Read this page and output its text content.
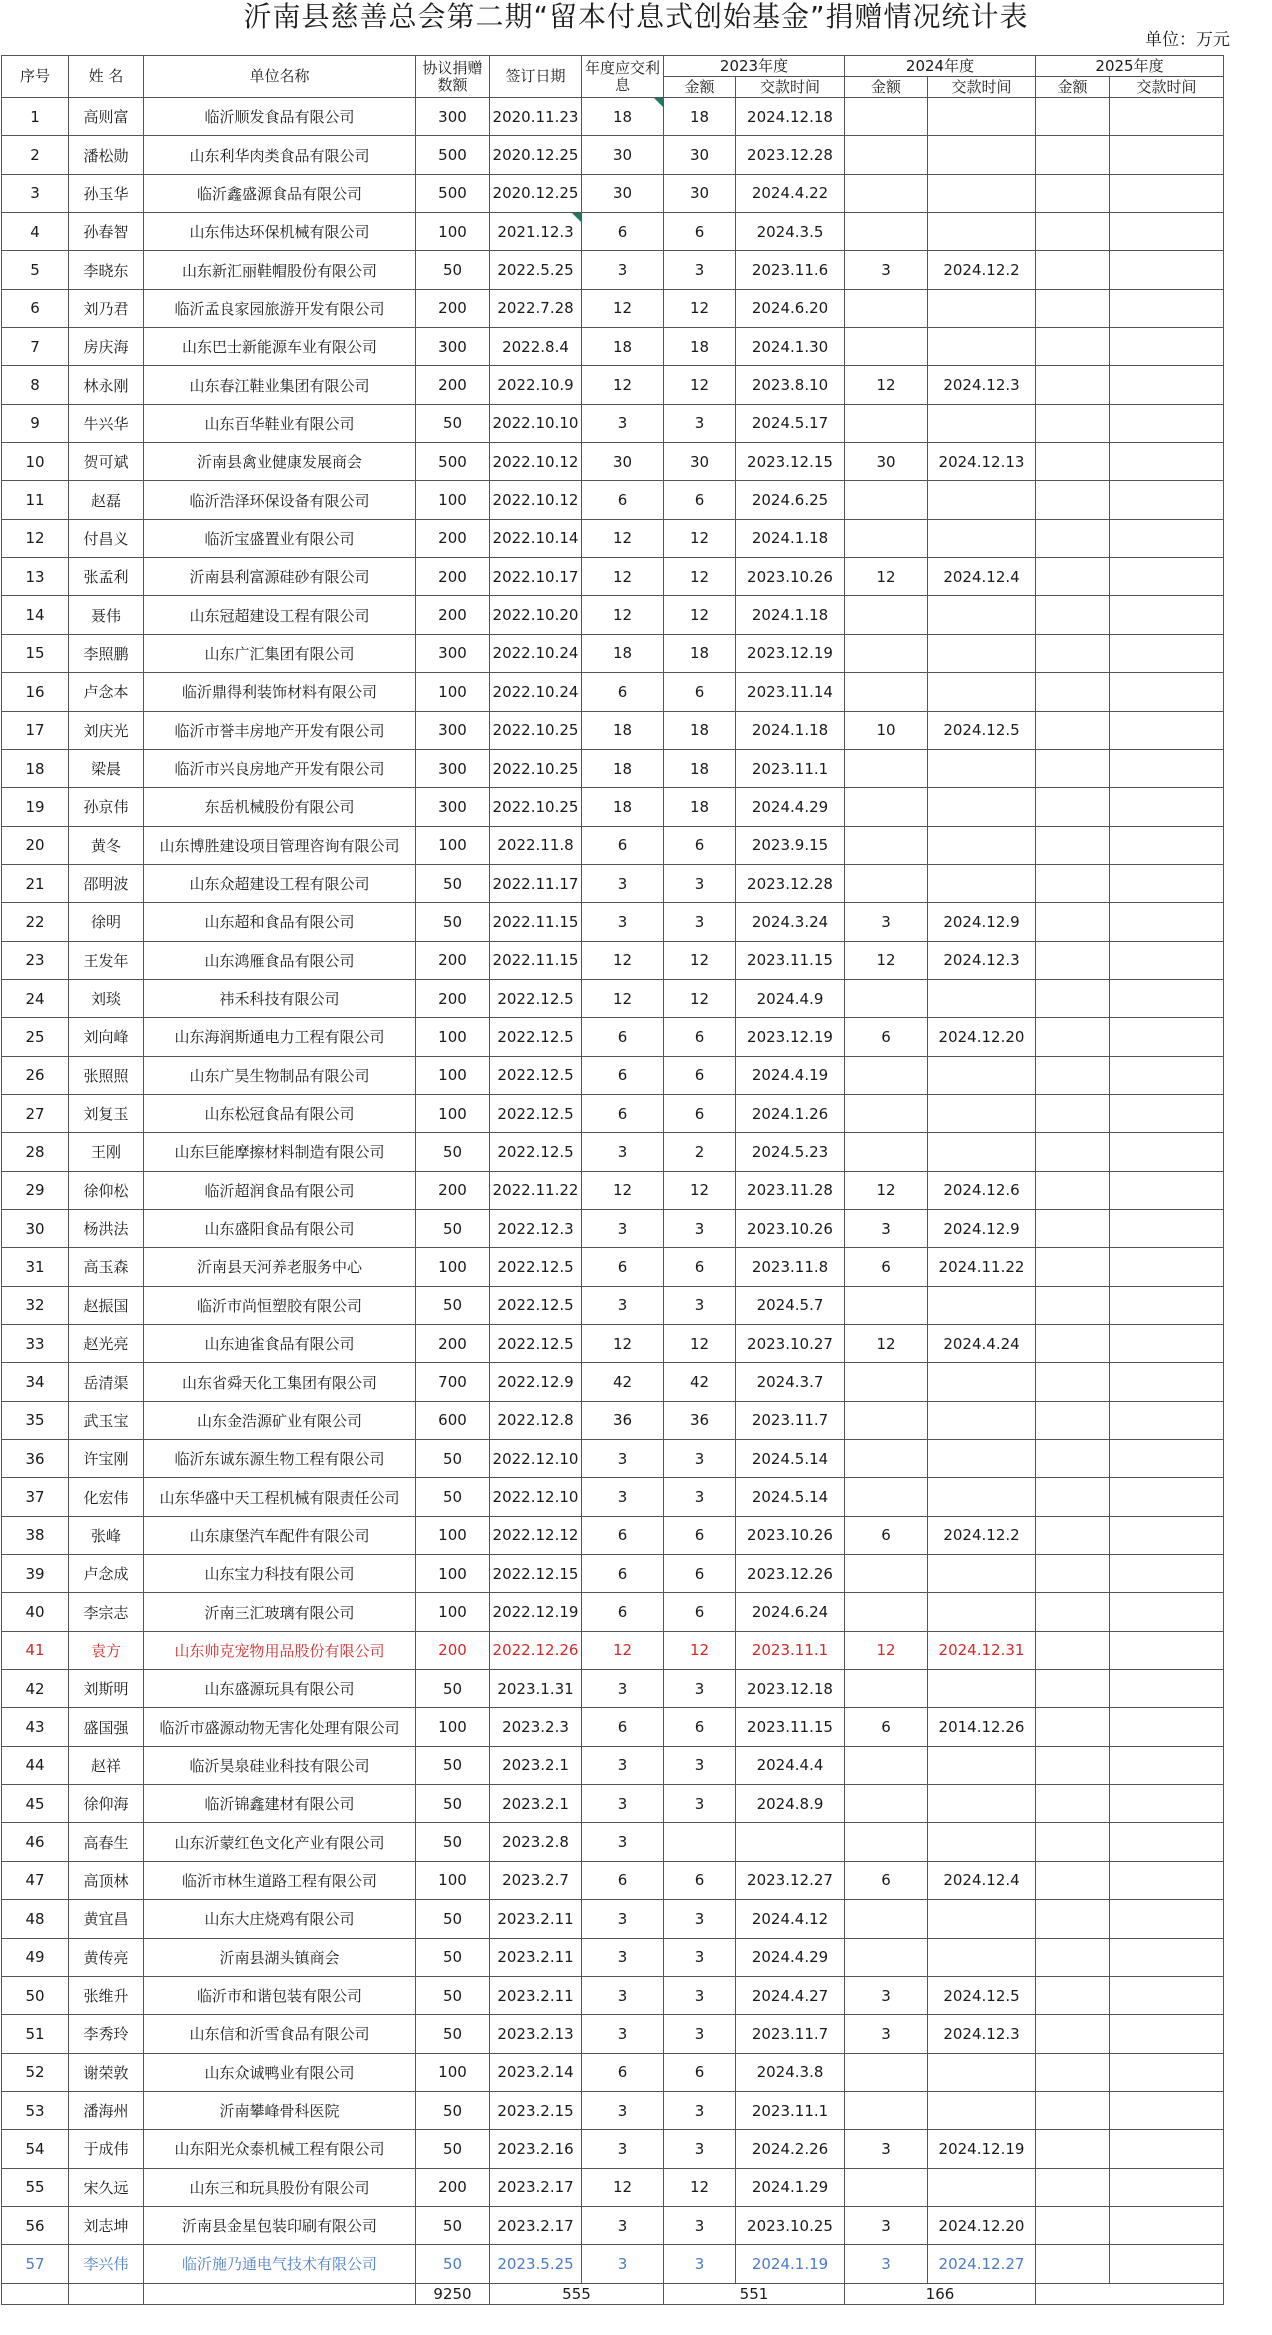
沂南县慈善总会第二期“留本付息式创始基金”捐赠情况统计表
单位：万元
序号	姓 名	单位名称	协议捐赠数额	签订日期	年度应交利息	2023年度		2024年度		2025年度	
						金额	交款时间	金额	交款时间	金额	交款时间
1	高则富	临沂顺发食品有限公司	300	2020.11.23	18	18	2024.12.18				
2	潘松勋	山东利华肉类食品有限公司	500	2020.12.25	30	30	2023.12.28				
3	孙玉华	临沂鑫盛源食品有限公司	500	2020.12.25	30	30	2024.4.22				
4	孙春智	山东伟达环保机械有限公司	100	2021.12.3	6	6	2024.3.5				
5	李晓东	山东新汇丽鞋帽股份有限公司	50	2022.5.25	3	3	2023.11.6	3	2024.12.2		
6	刘乃君	临沂孟良家园旅游开发有限公司	200	2022.7.28	12	12	2024.6.20				
7	房庆海	山东巴士新能源车业有限公司	300	2022.8.4	18	18	2024.1.30				
8	林永刚	山东春江鞋业集团有限公司	200	2022.10.9	12	12	2023.8.10	12	2024.12.3		
9	牛兴华	山东百华鞋业有限公司	50	2022.10.10	3	3	2024.5.17				
10	贺可斌	沂南县禽业健康发展商会	500	2022.10.12	30	30	2023.12.15	30	2024.12.13		
11	赵磊	临沂浩泽环保设备有限公司	100	2022.10.12	6	6	2024.6.25				
12	付昌义	临沂宝盛置业有限公司	200	2022.10.14	12	12	2024.1.18				
13	张孟利	沂南县利富源硅砂有限公司	200	2022.10.17	12	12	2023.10.26	12	2024.12.4		
14	聂伟	山东冠超建设工程有限公司	200	2022.10.20	12	12	2024.1.18				
15	李照鹏	山东广汇集团有限公司	300	2022.10.24	18	18	2023.12.19				
16	卢念本	临沂鼎得利装饰材料有限公司	100	2022.10.24	6	6	2023.11.14				
17	刘庆光	临沂市誉丰房地产开发有限公司	300	2022.10.25	18	18	2024.1.18	10	2024.12.5		
18	梁晨	临沂市兴良房地产开发有限公司	300	2022.10.25	18	18	2023.11.1				
19	孙京伟	东岳机械股份有限公司	300	2022.10.25	18	18	2024.4.29				
20	黄冬	山东博胜建设项目管理咨询有限公司	100	2022.11.8	6	6	2023.9.15				
21	邵明波	山东众超建设工程有限公司	50	2022.11.17	3	3	2023.12.28				
22	徐明	山东超和食品有限公司	50	2022.11.15	3	3	2024.3.24	3	2024.12.9		
23	王发年	山东鸿雁食品有限公司	200	2022.11.15	12	12	2023.11.15	12	2024.12.3		
24	刘琰	祎禾科技有限公司	200	2022.12.5	12	12	2024.4.9				
25	刘向峰	山东海润斯通电力工程有限公司	100	2022.12.5	6	6	2023.12.19	6	2024.12.20		
26	张照照	山东广昊生物制品有限公司	100	2022.12.5	6	6	2024.4.19				
27	刘复玉	山东松冠食品有限公司	100	2022.12.5	6	6	2024.1.26				
28	王刚	山东巨能摩擦材料制造有限公司	50	2022.12.5	3	2	2024.5.23				
29	徐仰松	临沂超润食品有限公司	200	2022.11.22	12	12	2023.11.28	12	2024.12.6		
30	杨洪法	山东盛阳食品有限公司	50	2022.12.3	3	3	2023.10.26	3	2024.12.9		
31	高玉森	沂南县天河养老服务中心	100	2022.12.5	6	6	2023.11.8	6	2024.11.22		
32	赵振国	临沂市尚恒塑胶有限公司	50	2022.12.5	3	3	2024.5.7				
33	赵光亮	山东迪雀食品有限公司	200	2022.12.5	12	12	2023.10.27	12	2024.4.24		
34	岳清渠	山东省舜天化工集团有限公司	700	2022.12.9	42	42	2024.3.7				
35	武玉宝	山东金浩源矿业有限公司	600	2022.12.8	36	36	2023.11.7				
36	许宝刚	临沂东诚东源生物工程有限公司	50	2022.12.10	3	3	2024.5.14				
37	化宏伟	山东华盛中天工程机械有限责任公司	50	2022.12.10	3	3	2024.5.14				
38	张峰	山东康堡汽车配件有限公司	100	2022.12.12	6	6	2023.10.26	6	2024.12.2		
39	卢念成	山东宝力科技有限公司	100	2022.12.15	6	6	2023.12.26				
40	李宗志	沂南三汇玻璃有限公司	100	2022.12.19	6	6	2024.6.24				
41	袁方	山东帅克宠物用品股份有限公司	200	2022.12.26	12	12	2023.11.1	12	2024.12.31		
42	刘斯明	山东盛源玩具有限公司	50	2023.1.31	3	3	2023.12.18				
43	盛国强	临沂市盛源动物无害化处理有限公司	100	2023.2.3	6	6	2023.11.15	6	2014.12.26		
44	赵祥	临沂昊泉硅业科技有限公司	50	2023.2.1	3	3	2024.4.4				
45	徐仰海	临沂锦鑫建材有限公司	50	2023.2.1	3	3	2024.8.9				
46	高春生	山东沂蒙红色文化产业有限公司	50	2023.2.8	3						
47	高顶林	临沂市林生道路工程有限公司	100	2023.2.7	6	6	2023.12.27	6	2024.12.4		
48	黄宜昌	山东大庄烧鸡有限公司	50	2023.2.11	3	3	2024.4.12				
49	黄传亮	沂南县湖头镇商会	50	2023.2.11	3	3	2024.4.29				
50	张维升	临沂市和谐包装有限公司	50	2023.2.11	3	3	2024.4.27	3	2024.12.5		
51	李秀玲	山东信和沂雪食品有限公司	50	2023.2.13	3	3	2023.11.7	3	2024.12.3		
52	谢荣敦	山东众诚鸭业有限公司	100	2023.2.14	6	6	2024.3.8				
53	潘海州	沂南攀峰骨科医院	50	2023.2.15	3	3	2023.11.1				
54	于成伟	山东阳光众泰机械工程有限公司	50	2023.2.16	3	3	2024.2.26	3	2024.12.19		
55	宋久远	山东三和玩具股份有限公司	200	2023.2.17	12	12	2024.1.29				
56	刘志坤	沂南县金星包装印刷有限公司	50	2023.2.17	3	3	2023.10.25	3	2024.12.20		
57	李兴伟	临沂施乃通电气技术有限公司	50	2023.5.25	3	3	2024.1.19	3	2024.12.27		
			9250	555		551		166			
